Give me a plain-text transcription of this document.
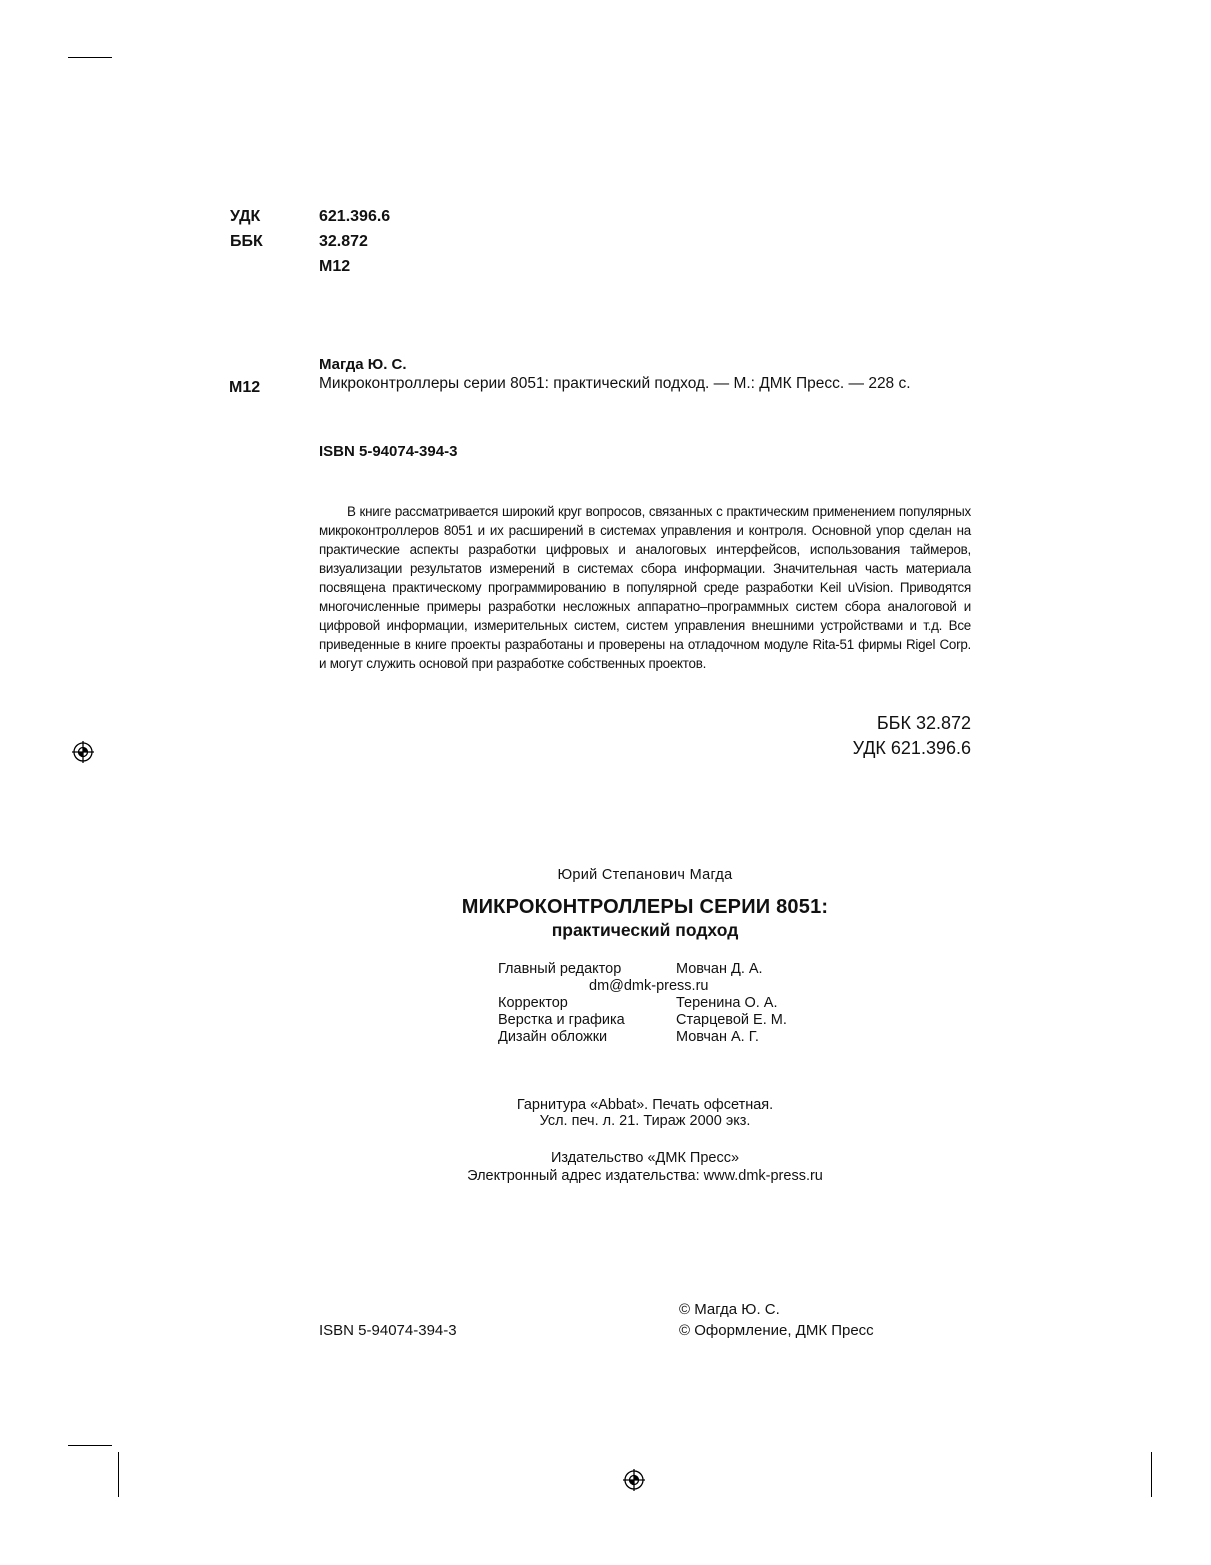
УДК	621.396.6
ББК	32.872
М12
Магда Ю. С.
М12	Микроконтроллеры серии 8051: практический подход. — М.: ДМК Пресс. — 228 с.
ISBN 5-94074-394-3
В книге рассматривается широкий круг вопросов, связанных с практическим применением популярных микроконтроллеров 8051 и их расширений в системах управления и контроля. Основной упор сделан на практические аспекты разработки цифровых и аналоговых интерфейсов, использования таймеров, визуализации результатов измерений в системах сбора информации. Значительная часть материала посвящена практическому программированию в популярной среде разработки Keil uVision. Приводятся многочисленные примеры разработки несложных аппаратно–программных систем сбора аналоговой и цифровой информации, измерительных систем, систем управления внешними устройствами и т.д. Все приведенные в книге проекты разработаны и проверены на отладочном модуле Rita-51 фирмы Rigel Corp. и могут служить основой при разработке собственных проектов.
ББК 32.872
УДК 621.396.6
Юрий Степанович Магда
МИКРОКОНТРОЛЛЕРЫ СЕРИИ 8051:
практический подход
Главный редактор	Мовчан Д. А.
dm@dmk-press.ru
Корректор	Теренина О. А.
Верстка и графика	Старцевой Е. М.
Дизайн обложки	Мовчан А. Г.
Гарнитура «Abbat». Печать офсетная.
Усл. печ. л. 21. Тираж 2000 экз.
Издательство «ДМК Пресс»
Электронный адрес издательства: www.dmk-press.ru
ISBN 5-94074-394-3
© Магда Ю. С.
© Оформление, ДМК Пресс
